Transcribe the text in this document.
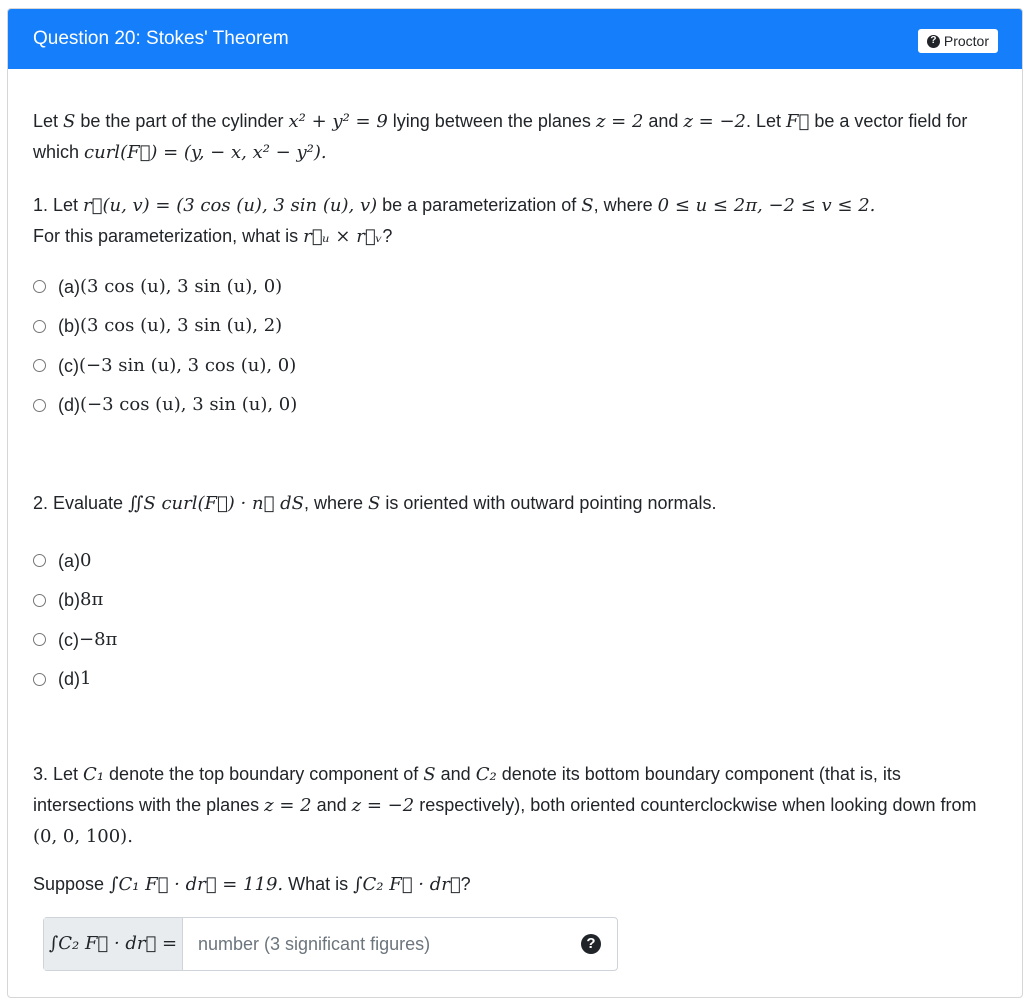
Question 20: Stokes' Theorem	? Proctor

Let S be the part of the cylinder x² + y² = 9 lying between the planes z = 2 and z = −2. Let F⃗ be a vector field for which curl(F⃗) = (y, − x, x² − y²).

1. Let r⃗(u, v) = (3 cos (u), 3 sin (u), v) be a parameterization of S, where 0 ≤ u ≤ 2π, −2 ≤ v ≤ 2.
For this parameterization, what is r⃗ᵤ × r⃗ᵥ?

(a) (3 cos (u), 3 sin (u), 0)
(b) (3 cos (u), 3 sin (u), 2)
(c) (−3 sin (u), 3 cos (u), 0)
(d) (−3 cos (u), 3 sin (u), 0)

2. Evaluate ∬S curl(F⃗) · n⃗ dS, where S is oriented with outward pointing normals.

(a) 0
(b) 8π
(c) −8π
(d) 1

3. Let C₁ denote the top boundary component of S and C₂ denote its bottom boundary component (that is, its intersections with the planes z = 2 and z = −2 respectively), both oriented counterclockwise when looking down from (0, 0, 100).

Suppose ∫C₁ F⃗ · dr⃗ = 119. What is ∫C₂ F⃗ · dr⃗?

∫C₂ F⃗ · dr⃗ =
number (3 significant figures)	?
